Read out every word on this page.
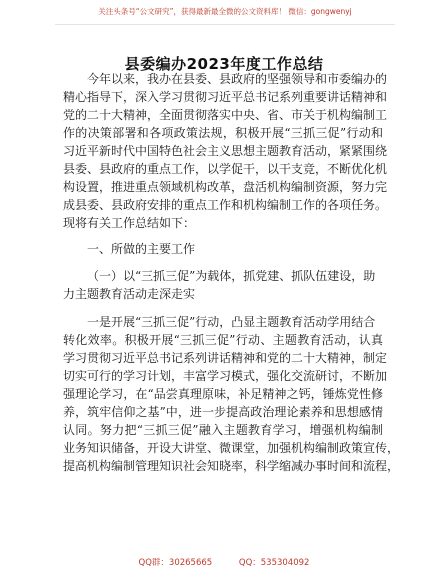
关注头条号“公文研究”，获得最新最全微的公文资料库！ 微信：gongwenyj
县委编办2023年度工作总结
今年以来，我办在县委、县政府的坚强领导和市委编办的
精心指导下，深入学习贯彻习近平总书记系列重要讲话精神和
党的二十大精神，全面贯彻落实中央、省、市关于机构编制工
作的决策部署和各项政策法规，积极开展“三抓三促”行动和
习近平新时代中国特色社会主义思想主题教育活动，紧紧围绕
县委、县政府的重点工作，以学促干，以干支竞，不断优化机
构设置，推进重点领域机构改革，盘活机构编制资源，努力完
成县委、县政府安排的重点工作和机构编制工作的各项任务。
现将有关工作总结如下：
一、所做的主要工作
（一）以“三抓三促”为载体，抓党建、抓队伍建设，助
力主题教育活动走深走实
一是开展“三抓三促”行动，凸显主题教育活动学用结合
转化效率。积极开展“三抓三促”行动、主题教育活动，认真
学习贯彻习近平总书记系列讲话精神和党的二十大精神，制定
切实可行的学习计划，丰富学习模式，强化交流研讨，不断加
强理论学习，在“品尝真理原味，补足精神之钙，锤炼党性修
养，筑牢信仰之基”中，进一步提高政治理论素养和思想感情
认同。努力把“三抓三促”融入主题教育学习，增强机构编制
业务知识储备，开设大讲堂、微课堂，加强机构编制政策宣传，
提高机构编制管理知识社会知晓率，科学缩减办事时间和流程，
QQ群：30265665	QQ：535304092
